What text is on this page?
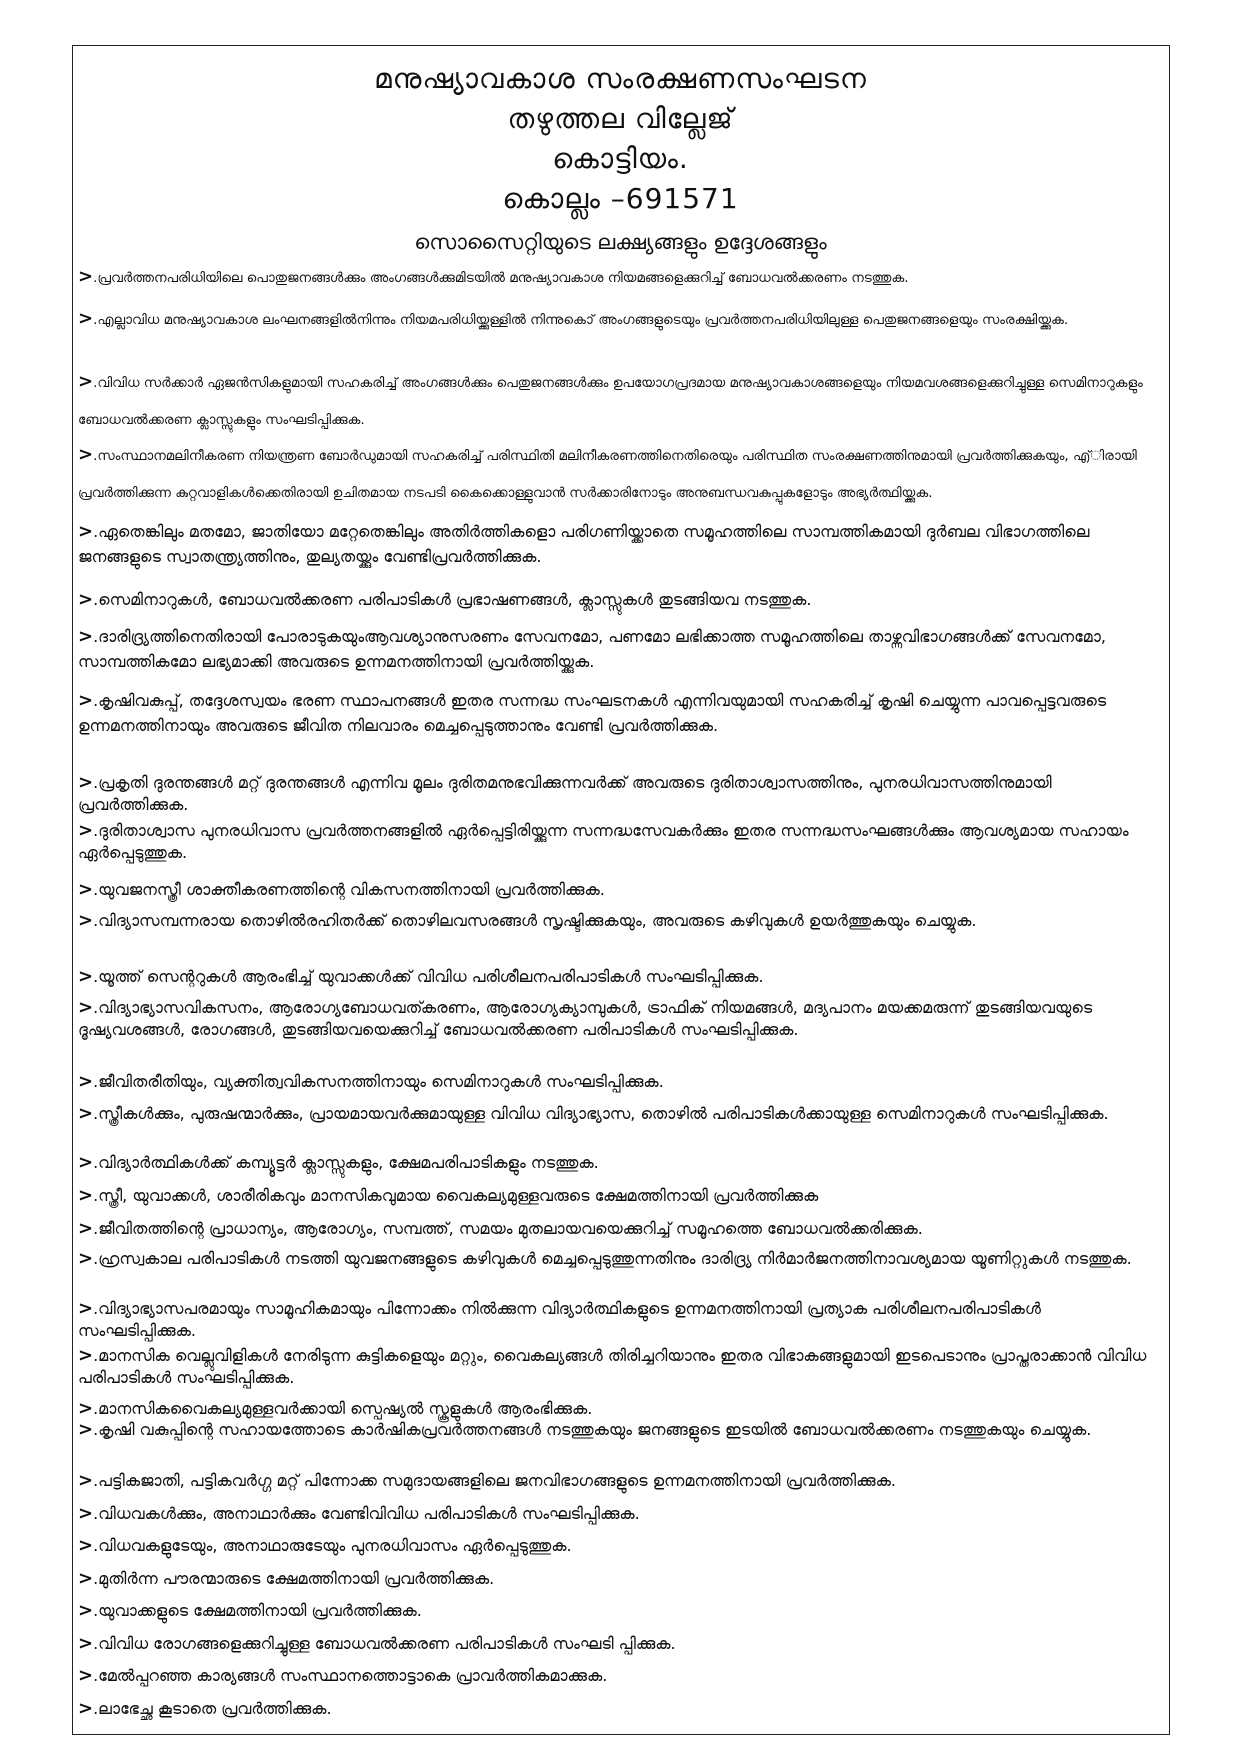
മനുഷ്യാവകാശ സംരക്ഷണസംഘടന
തഴുത്തല വില്ലേജ്
കൊട്ടിയം.
കൊല്ലം –691571
സൊസൈറ്റിയുടെ ലക്ഷ്യങ്ങളും ഉദ്ദേശങ്ങളും
>.പ്രവർത്തനപരിധിയിലെ പൊതുജനങ്ങൾക്കും അംഗങ്ങൾക്കുമിടയിൽ മനുഷ്യാവകാശ നിയമങ്ങളെക്കുറിച്ച് ബോധവൽക്കരണം നടത്തുക.
>.എല്ലാവിധ മനുഷ്യാവകാശ ലംഘനങ്ങളിൽനിന്നും നിയമപരിധിയ്ക്കുള്ളിൽ നിന്നുകൊ് അംഗങ്ങളുടെയും പ്രവർത്തനപരിധിയിലുള്ള പെതുജനങ്ങളെയും സംരക്ഷിയ്ക്കുക.
>.വിവിധ സർക്കാർ ഏജൻസികളുമായി സഹകരിച്ച് അംഗങ്ങൾക്കും പെതുജനങ്ങൾക്കും ഉപയോഗപ്രദമായ മനുഷ്യാവകാശങ്ങളെയും നിയമവശങ്ങളെക്കുറിച്ചുള്ള സെമിനാറുകളും ബോധവൽക്കരണ ക്ലാസ്സുകളും സംഘടിപ്പിക്കുക.
>.സംസ്ഥാനമലിനീകരണ നിയന്ത്രണ ബോർഡുമായി സഹകരിച്ച് പരിസ്ഥിതി മലിനീകരണത്തിനെതിരെയും പരിസ്ഥിത സംരക്ഷണത്തിനുമായി പ്രവർത്തിക്കുകയും, എ്ിരായി പ്രവർത്തിക്കുന്ന കുറ്റവാളികൾക്കെതിരായി ഉചിതമായ നടപടി കൈക്കൊള്ളുവാൻ സർക്കാരിനോടും അനുബന്ധവകുപ്പുകളോടും അഭ്യർത്ഥിയ്ക്കുക.
>.ഏതെങ്കിലും മതമോ, ജാതിയോ മറ്റേതെങ്കിലും അതിർത്തികളൊ പരിഗണിയ്ക്കാതെ സമൂഹത്തിലെ സാമ്പത്തികമായി ദുർബല വിഭാഗത്തിലെ ജനങ്ങളുടെ സ്വാതന്ത്ര്യത്തിനും, തുല്യതയ്ക്കും വേണ്ടിപ്രവർത്തിക്കുക.
>.സെമിനാറുകൾ, ബോധവൽക്കരണ പരിപാടികൾ പ്രഭാഷണങ്ങൾ, ക്ലാസ്സുകൾ തുടങ്ങിയവ നടത്തുക.
>.ദാരിദ്ര്യത്തിനെതിരായി പോരാടുകയുംആവശ്യാനുസരണം സേവനമോ, പണമോ ലഭിക്കാത്ത സമൂഹത്തിലെ താഴ്ന്നവിഭാഗങ്ങൾക്ക് സേവനമോ, സാമ്പത്തികമോ ലഭ്യമാക്കി അവരുടെ ഉന്നമനത്തിനായി പ്രവർത്തിയ്ക്കുക.
>.കൃഷിവകുപ്പ്, തദ്ദേശസ്വയം ഭരണ സ്ഥാപനങ്ങൾ ഇതര സന്നദ്ധ സംഘടനകൾ എന്നിവയുമായി സഹകരിച്ച് കൃഷി ചെയ്യുന്ന പാവപ്പെട്ടവരുടെ ഉന്നമനത്തിനായും അവരുടെ ജീവിത നിലവാരം മെച്ചപ്പെടുത്താനും വേണ്ടി പ്രവർത്തിക്കുക.
>.പ്രകൃതി ദുരന്തങ്ങൾ മറ്റ് ദുരന്തങ്ങൾ എന്നിവ മൂലം ദുരിതമനുഭവിക്കുന്നവർക്ക് അവരുടെ ദുരിതാശ്വാസത്തിനും, പുനരധിവാസത്തിനുമായി പ്രവർത്തിക്കുക.
>.ദുരിതാശ്വാസ പുനരധിവാസ പ്രവർത്തനങ്ങളിൽ ഏർപ്പെട്ടിരിയ്ക്കുന്ന സന്നദ്ധസേവകർക്കും ഇതര സന്നദ്ധസംഘങ്ങൾക്കും ആവശ്യമായ സഹായം ഏർപ്പെടുത്തുക.
>.യുവജനസ്ത്രീ ശാക്തീകരണത്തിന്റെ വികസനത്തിനായി പ്രവർത്തിക്കുക.
>.വിദ്യാസമ്പന്നരായ തൊഴിൽരഹിതർക്ക് തൊഴിലവസരങ്ങൾ സൃഷ്ടിക്കുകയും, അവരുടെ കഴിവുകൾ ഉയർത്തുകയും ചെയ്യുക.
>.യൂത്ത് സെന്ററുകൾ ആരംഭിച്ച് യുവാക്കൾക്ക് വിവിധ പരിശീലനപരിപാടികൾ സംഘടിപ്പിക്കുക.
>.വിദ്യാഭ്യാസവികസനം, ആരോഗ്യബോധവത്കരണം, ആരോഗ്യക്യാമ്പുകൾ, ട്രാഫിക് നിയമങ്ങൾ, മദ്യപാനം മയക്കമരുന്ന് തുടങ്ങിയവയുടെ ദൂഷ്യവശങ്ങൾ, രോഗങ്ങൾ, തുടങ്ങിയവയെക്കുറിച്ച് ബോധവൽക്കരണ പരിപാടികൾ സംഘടിപ്പിക്കുക.
>.ജീവിതരീതിയും, വ്യക്തിത്വവികസനത്തിനായും സെമിനാറുകൾ സംഘടിപ്പിക്കുക.
>.സ്ത്രീകൾക്കും, പുരുഷന്മാർക്കും, പ്രായമായവർക്കുമായുള്ള വിവിധ വിദ്യാഭ്യാസ, തൊഴിൽ പരിപാടികൾക്കായുള്ള സെമിനാറുകൾ സംഘടിപ്പിക്കുക.
>.വിദ്യാർത്ഥികൾക്ക് കമ്പ്യൂട്ടർ ക്ലാസ്സുകളും, ക്ഷേമപരിപാടികളും നടത്തുക.
>.സ്ത്രീ, യുവാക്കൾ, ശാരീരികവും മാനസികവുമായ വൈകല്യമുള്ളവരുടെ ക്ഷേമത്തിനായി പ്രവർത്തിക്കുക
>.ജീവിതത്തിന്റെ പ്രാധാന്യം, ആരോഗ്യം, സമ്പത്ത്, സമയം മുതലായവയെക്കുറിച്ച് സമൂഹത്തെ ബോധവൽക്കരിക്കുക.
>.ഹ്രസ്വകാല പരിപാടികൾ നടത്തി യുവജനങ്ങളുടെ കഴിവുകൾ മെച്ചപ്പെടുത്തുന്നതിനും ദാരിദ്ര്യ നിർമാർജനത്തിനാവശ്യമായ യൂണിറ്റുകൾ നടത്തുക.
>.വിദ്യാഭ്യാസപരമായും സാമൂഹികമായും പിന്നോക്കം നിൽക്കുന്ന വിദ്യാർത്ഥികളുടെ ഉന്നമനത്തിനായി പ്രത്യാക പരിശീലനപരിപാടികൾ സംഘടിപ്പിക്കുക.
>.മാനസിക വെല്ലുവിളികൾ നേരിടുന്ന കുട്ടികളെയും മറ്റും, വൈകല്യങ്ങൾ തിരിച്ചറിയാനും ഇതര വിഭാകങ്ങളുമായി ഇടപെടാനും പ്രാപ്തരാക്കാൻ വിവിധ പരിപാടികൾ സംഘടിപ്പിക്കുക.
>.മാനസികവൈകല്യമുള്ളവർക്കായി സ്പെഷ്യൽ സ്കൂളുകൾ ആരംഭിക്കുക.
>.കൃഷി വകുപ്പിന്റെ സഹായത്തോടെ കാർഷികപ്രവർത്തനങ്ങൾ നടത്തുകയും ജനങ്ങളുടെ ഇടയിൽ ബോധവൽക്കരണം നടത്തുകയും ചെയ്യുക.
>.പട്ടികജാതി, പട്ടികവർഗ്ഗ മറ്റ് പിന്നോക്ക സമുദായങ്ങളിലെ ജനവിഭാഗങ്ങളുടെ ഉന്നമനത്തിനായി പ്രവർത്തിക്കുക.
>.വിധവകൾക്കും, അനാഥാർക്കും വേണ്ടിവിവിധ പരിപാടികൾ സംഘടിപ്പിക്കുക.
>.വിധവകളുടേയും, അനാഥാരുടേയും പുനരധിവാസം ഏർപ്പെടുത്തുക.
>.മുതിർന്ന പൗരന്മാരുടെ ക്ഷേമത്തിനായി പ്രവർത്തിക്കുക.
>.യുവാക്കളുടെ ക്ഷേമത്തിനായി പ്രവർത്തിക്കുക.
>.വിവിധ രോഗങ്ങളെക്കുറിച്ചുള്ള ബോധവൽക്കരണ പരിപാടികൾ സംഘടി പ്പിക്കുക.
>.മേൽപ്പറഞ്ഞ കാര്യങ്ങൾ സംസ്ഥാനത്തൊട്ടാകെ പ്രാവർത്തികമാക്കുക.
>.ലാഭേച്ഛ കൂടാതെ പ്രവർത്തിക്കുക.
